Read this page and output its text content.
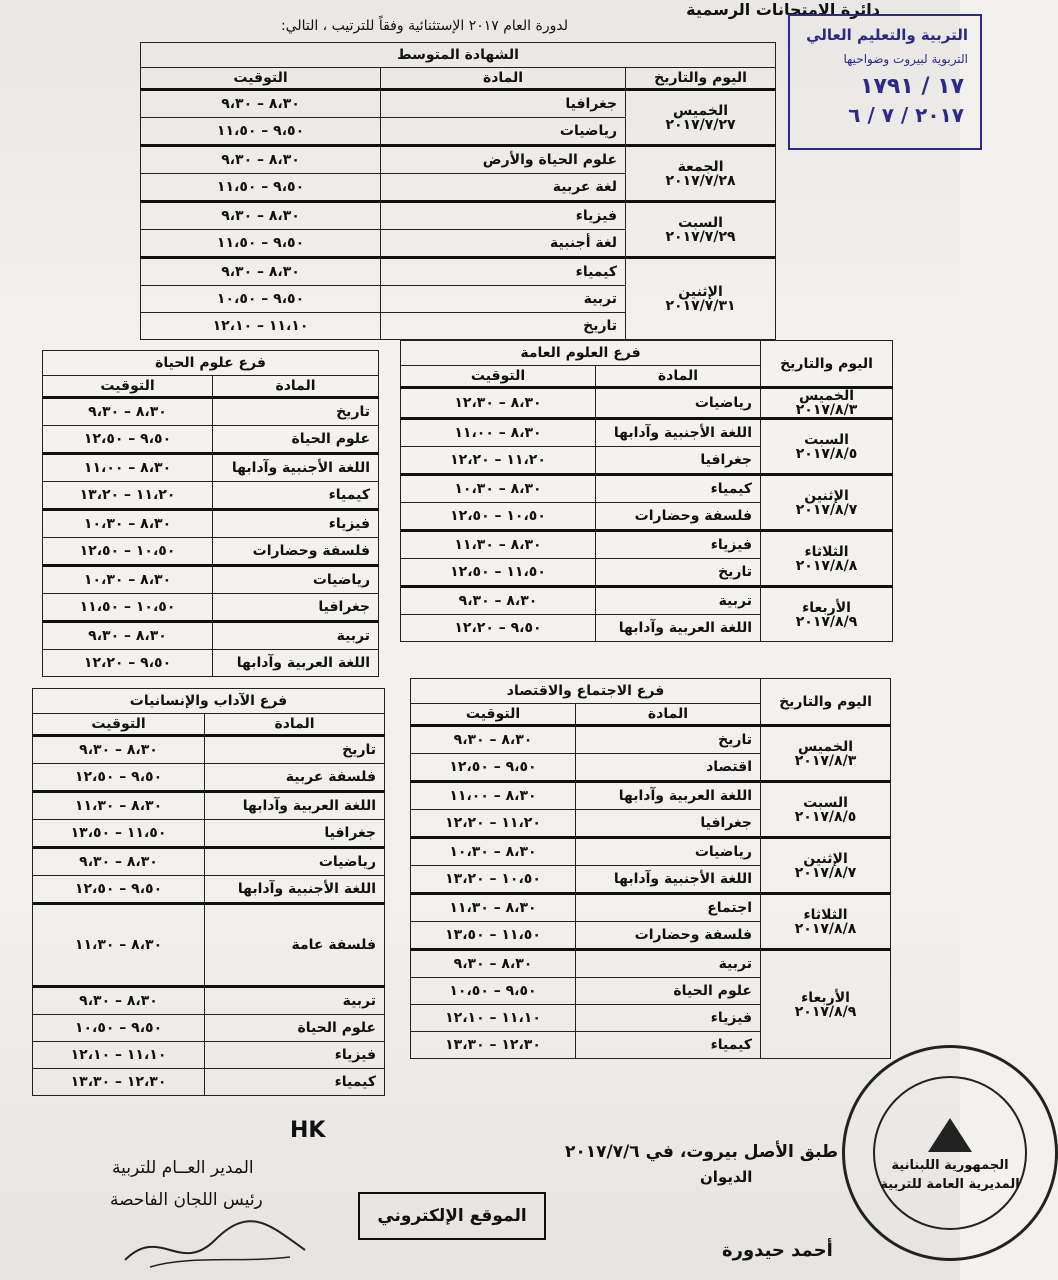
دائرة الامتحانات الرسمية
لدورة العام ٢٠١٧ الإستثنائية وفقاً للترتيب ، التالي:	التربية والتعليم العالي
التربوية لبيروت وضواحيها
١٧ / ١٧٩١
٢٠١٧ / ٧ / ٦
الشهادة المتوسط		
اليوم والتاريخ	المادة	التوقيت

الخميس
٢٠١٧/٧/٢٧	جغرافيا	٨،٣٠ – ٩،٣٠
	رياضيات	٩،٥٠ – ١١،٥٠

الجمعة
٢٠١٧/٧/٢٨	علوم الحياة والأرض	٨،٣٠ – ٩،٣٠
	لغة عربية	٩،٥٠ – ١١،٥٠

السبت
٢٠١٧/٧/٢٩	فيزياء	٨،٣٠ – ٩،٣٠
	لغة أجنبية	٩،٥٠ – ١١،٥٠

الإثنين
٢٠١٧/٧/٣١	كيمياء	٨،٣٠ – ٩،٣٠
	تربية	٩،٥٠ – ١٠،٥٠
	تاريخ	١١،١٠ – ١٢،١٠
اليوم والتاريخ	فرع العلوم العامة	
	المادة	التوقيت

الخميس
٢٠١٧/٨/٣	رياضيات	٨،٣٠ – ١٢،٣٠

السبت
٢٠١٧/٨/٥	اللغة الأجنبية وآدابها	٨،٣٠ – ١١،٠٠
	جغرافيا	١١،٢٠ – ١٢،٢٠

الإثنين
٢٠١٧/٨/٧	كيمياء	٨،٣٠ – ١٠،٣٠
	فلسفة وحضارات	١٠،٥٠ – ١٢،٥٠

الثلاثاء
٢٠١٧/٨/٨	فيزياء	٨،٣٠ – ١١،٣٠
	تاريخ	١١،٥٠ – ١٢،٥٠

الأربعاء
٢٠١٧/٨/٩	تربية	٨،٣٠ – ٩،٣٠
	اللغة العربية وآدابها	٩،٥٠ – ١٢،٢٠
فرع علوم الحياة	
المادة	التوقيت
تاريخ	٨،٣٠ – ٩،٣٠
علوم الحياة	٩،٥٠ – ١٢،٥٠
اللغة الأجنبية وآدابها	٨،٣٠ – ١١،٠٠
كيمياء	١١،٢٠ – ١٣،٢٠
فيزياء	٨،٣٠ – ١٠،٣٠
فلسفة وحضارات	١٠،٥٠ – ١٢،٥٠
رياضيات	٨،٣٠ – ١٠،٣٠
جغرافيا	١٠،٥٠ – ١١،٥٠
تربية	٨،٣٠ – ٩،٣٠
اللغة العربية وآدابها	٩،٥٠ – ١٢،٢٠
اليوم والتاريخ	فرع الاجتماع والاقتصاد	
	المادة	التوقيت

الخميس
٢٠١٧/٨/٣	تاريخ	٨،٣٠ – ٩،٣٠
	اقتصاد	٩،٥٠ – ١٢،٥٠

السبت
٢٠١٧/٨/٥	اللغة العربية وآدابها	٨،٣٠ – ١١،٠٠
	جغرافيا	١١،٢٠ – ١٢،٢٠

الإثنين
٢٠١٧/٨/٧	رياضيات	٨،٣٠ – ١٠،٣٠
	اللغة الأجنبية وآدابها	١٠،٥٠ – ١٣،٢٠

الثلاثاء
٢٠١٧/٨/٨	اجتماع	٨،٣٠ – ١١،٣٠
	فلسفة وحضارات	١١،٥٠ – ١٣،٥٠

الأربعاء
٢٠١٧/٨/٩	تربية	٨،٣٠ – ٩،٣٠
	علوم الحياة	٩،٥٠ – ١٠،٥٠
	فيزياء	١١،١٠ – ١٢،١٠
	كيمياء	١٢،٣٠ – ١٣،٣٠
فرع الآداب والإنسانيات	
المادة	التوقيت
تاريخ	٨،٣٠ – ٩،٣٠
فلسفة عربية	٩،٥٠ – ١٢،٥٠
اللغة العربية وآدابها	٨،٣٠ – ١١،٣٠
جغرافيا	١١،٥٠ – ١٣،٥٠
رياضيات	٨،٣٠ – ٩،٣٠
اللغة الأجنبية وآدابها	٩،٥٠ – ١٢،٥٠
فلسفة عامة	٨،٣٠ – ١١،٣٠
تربية	٨،٣٠ – ٩،٣٠
علوم الحياة	٩،٥٠ – ١٠،٥٠
فيزياء	١١،١٠ – ١٢،١٠
كيمياء	١٢،٣٠ – ١٣،٣٠
HK
المدير العــام للتربية
رئيس اللجان الفاحصة
الموقع الإلكتروني
طبق الأصل بيروت، في ٢٠١٧/٧/٦
الديوان
أحمد حيدورة
الجمهورية اللبنانية
المديرية العامة للتربية
